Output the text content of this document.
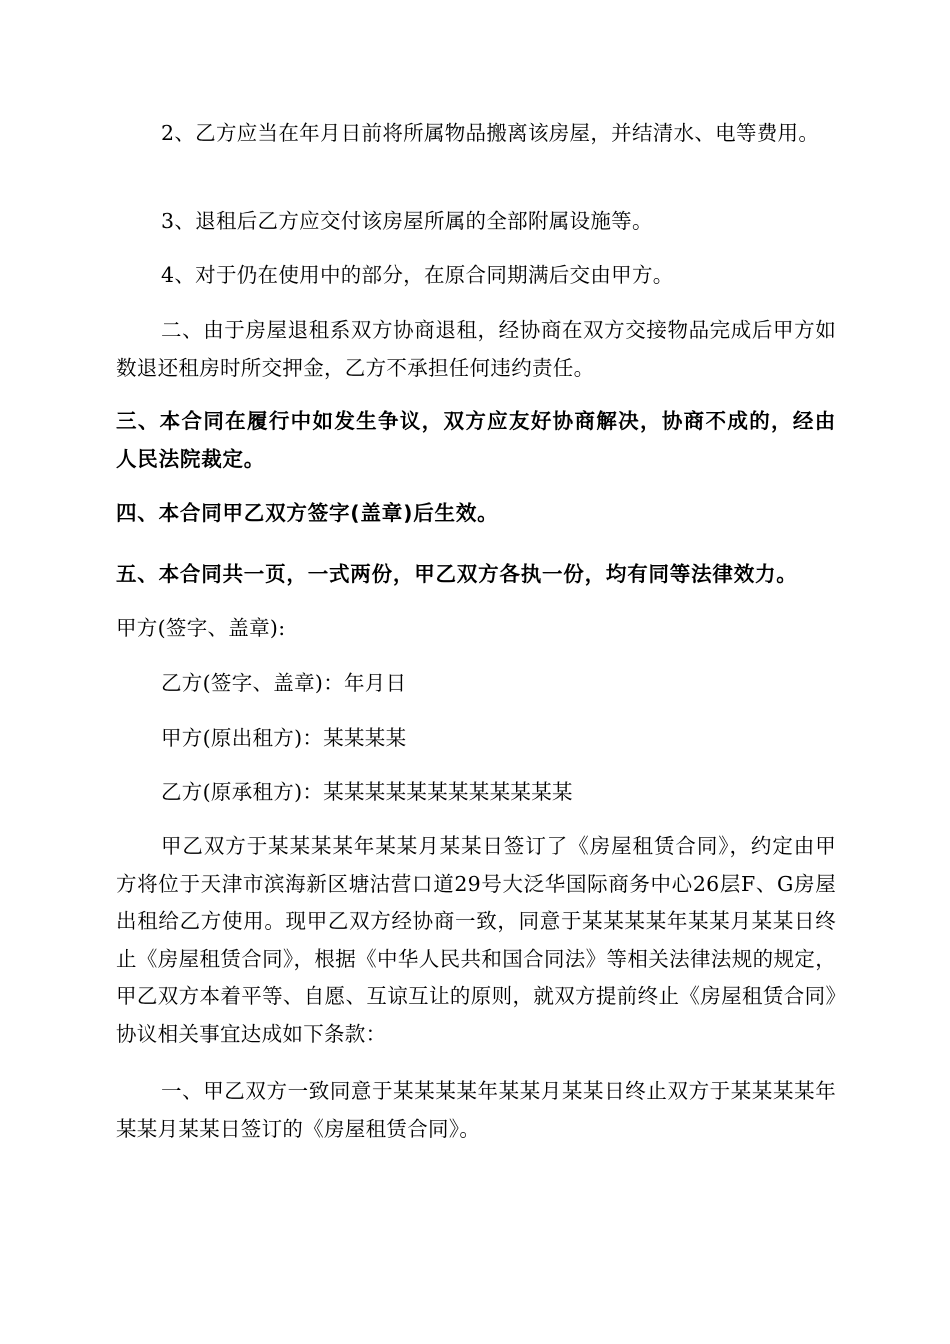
2、乙方应当在年月日前将所属物品搬离该房屋，并结清水、电等费用。

3、退租后乙方应交付该房屋所属的全部附属设施等。

4、对于仍在使用中的部分，在原合同期满后交由甲方。

二、由于房屋退租系双方协商退租，经协商在双方交接物品完成后甲方如数退还租房时所交押金，乙方不承担任何违约责任。

三、本合同在履行中如发生争议，双方应友好协商解决，协商不成的，经由人民法院裁定。

四、本合同甲乙双方签字(盖章)后生效。

五、本合同共一页，一式两份，甲乙双方各执一份，均有同等法律效力。

甲方(签字、盖章):

乙方(签字、盖章)：年月日

甲方(原出租方)：某某某某

乙方(原承租方)：某某某某某某某某某某某某

甲乙双方于某某某某年某某月某某日签订了《房屋租赁合同》，约定由甲方将位于天津市滨海新区塘沽营口道29号大泛华国际商务中心26层F、G房屋出租给乙方使用。现甲乙双方经协商一致，同意于某某某某年某某月某某日终止《房屋租赁合同》，根据《中华人民共和国合同法》等相关法律法规的规定，甲乙双方本着平等、自愿、互谅互让的原则，就双方提前终止《房屋租赁合同》协议相关事宜达成如下条款：

一、甲乙双方一致同意于某某某某年某某月某某日终止双方于某某某某年某某月某某日签订的《房屋租赁合同》。
